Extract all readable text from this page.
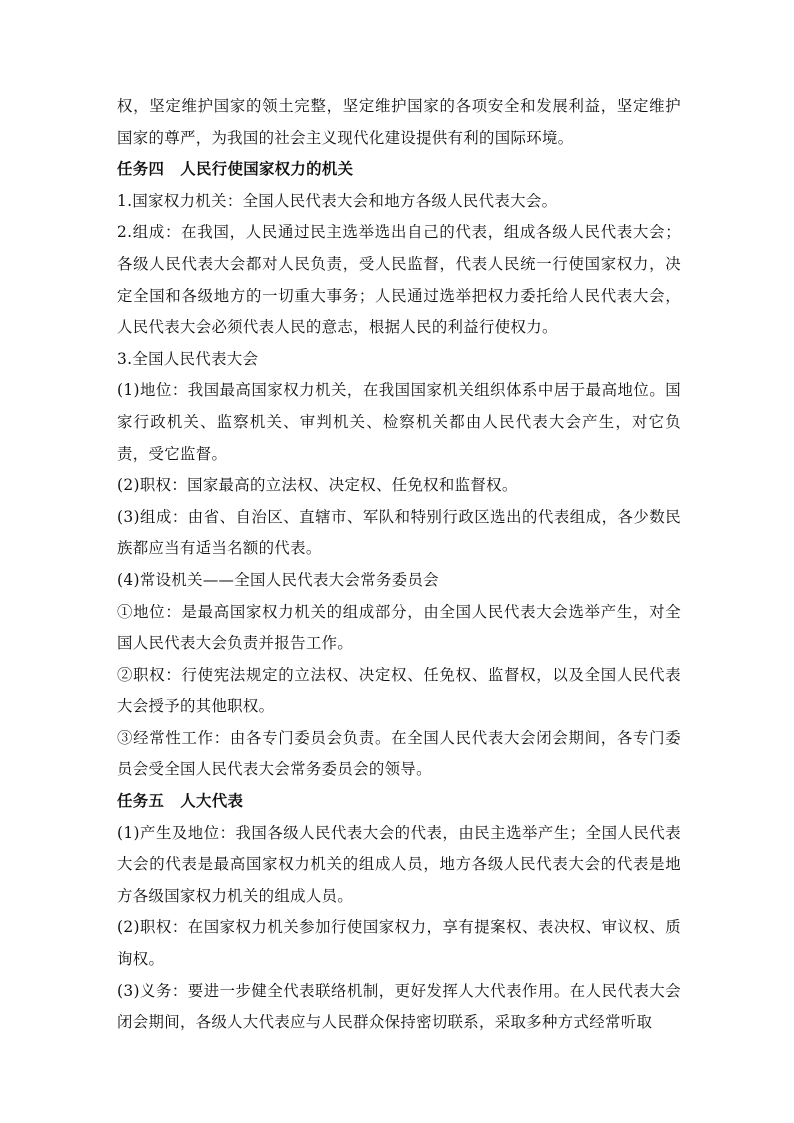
权，坚定维护国家的领土完整，坚定维护国家的各项安全和发展利益，坚定维护国家的尊严，为我国的社会主义现代化建设提供有利的国际环境。

任务四 人民行使国家权力的机关

1.国家权力机关：全国人民代表大会和地方各级人民代表大会。

2.组成：在我国，人民通过民主选举选出自己的代表，组成各级人民代表大会；各级人民代表大会都对人民负责，受人民监督，代表人民统一行使国家权力，决定全国和各级地方的一切重大事务；人民通过选举把权力委托给人民代表大会，人民代表大会必须代表人民的意志，根据人民的利益行使权力。

3.全国人民代表大会

(1)地位：我国最高国家权力机关，在我国国家机关组织体系中居于最高地位。国家行政机关、监察机关、审判机关、检察机关都由人民代表大会产生，对它负责，受它监督。

(2)职权：国家最高的立法权、决定权、任免权和监督权。

(3)组成：由省、自治区、直辖市、军队和特别行政区选出的代表组成，各少数民族都应当有适当名额的代表。

(4)常设机关——全国人民代表大会常务委员会

①地位：是最高国家权力机关的组成部分，由全国人民代表大会选举产生，对全国人民代表大会负责并报告工作。

②职权：行使宪法规定的立法权、决定权、任免权、监督权，以及全国人民代表大会授予的其他职权。

③经常性工作：由各专门委员会负责。在全国人民代表大会闭会期间，各专门委员会受全国人民代表大会常务委员会的领导。

任务五 人大代表

(1)产生及地位：我国各级人民代表大会的代表，由民主选举产生；全国人民代表大会的代表是最高国家权力机关的组成人员，地方各级人民代表大会的代表是地方各级国家权力机关的组成人员。

(2)职权：在国家权力机关参加行使国家权力，享有提案权、表决权、审议权、质询权。

(3)义务：要进一步健全代表联络机制，更好发挥人大代表作用。在人民代表大会闭会期间，各级人大代表应与人民群众保持密切联系，采取多种方式经常听取
